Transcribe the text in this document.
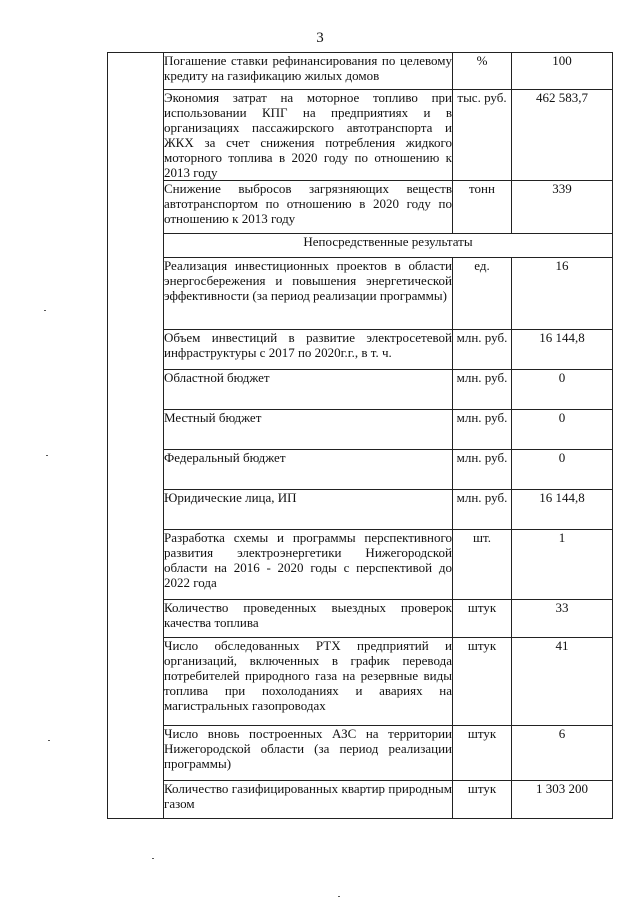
3
	Погашение ставки рефинансирования по целевому кредиту на газификацию жилых домов	%	100
	Экономия затрат на моторное топливо при использовании КПГ на предприятиях и в организациях пассажирского автотранспорта и ЖКХ за счет снижения потребления жидкого моторного топлива в 2020 году по отношению к 2013 году	тыс. руб.	462 583,7
	Снижение выбросов загрязняющих веществ автотранспортом по отношению в 2020 году по отношению к 2013 году	тонн	339
	Непосредственные результаты		
	Реализация инвестиционных проектов в области энергосбережения и повышения энергетической эффективности (за период реализации программы)	ед.	16
	Объем инвестиций в развитие электросетевой инфраструктуры с 2017 по 2020г.г., в т. ч.	млн. руб.	16 144,8
	Областной бюджет	млн. руб.	0
	Местный бюджет	млн. руб.	0
	Федеральный бюджет	млн. руб.	0
	Юридические лица, ИП	млн. руб.	16 144,8
	Разработка схемы и программы перспективного развития электроэнергетики Нижегородской области на 2016 - 2020 годы с перспективой до 2022 года	шт.	1
	Количество проведенных выездных проверок качества топлива	штук	33
	Число обследованных РТХ предприятий и организаций, включенных в график перевода потребителей природного газа на резервные виды топлива при похолоданиях и авариях на магистральных газопроводах	штук	41
	Число вновь построенных АЗС на территории Нижегородской области (за период реализации программы)	штук	6
	Количество газифицированных квартир природным газом	штук	1 303 200
